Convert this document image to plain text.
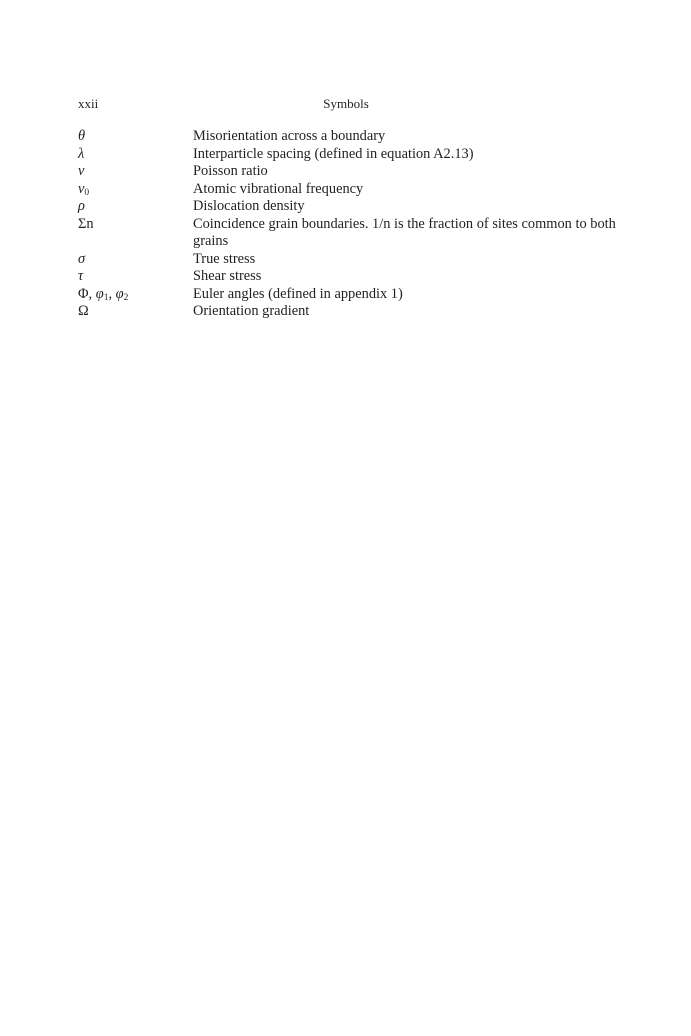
xxii	Symbols
θ	Misorientation across a boundary
λ	Interparticle spacing (defined in equation A2.13)
ν	Poisson ratio
$\nu_0$	Atomic vibrational frequency
ρ	Dislocation density
Σn	Coincidence grain boundaries. 1/n is the fraction of sites common to both grains
σ	True stress
τ	Shear stress
Φ, $\varphi_1$, $\varphi_2$	Euler angles (defined in appendix 1)
Ω	Orientation gradient
